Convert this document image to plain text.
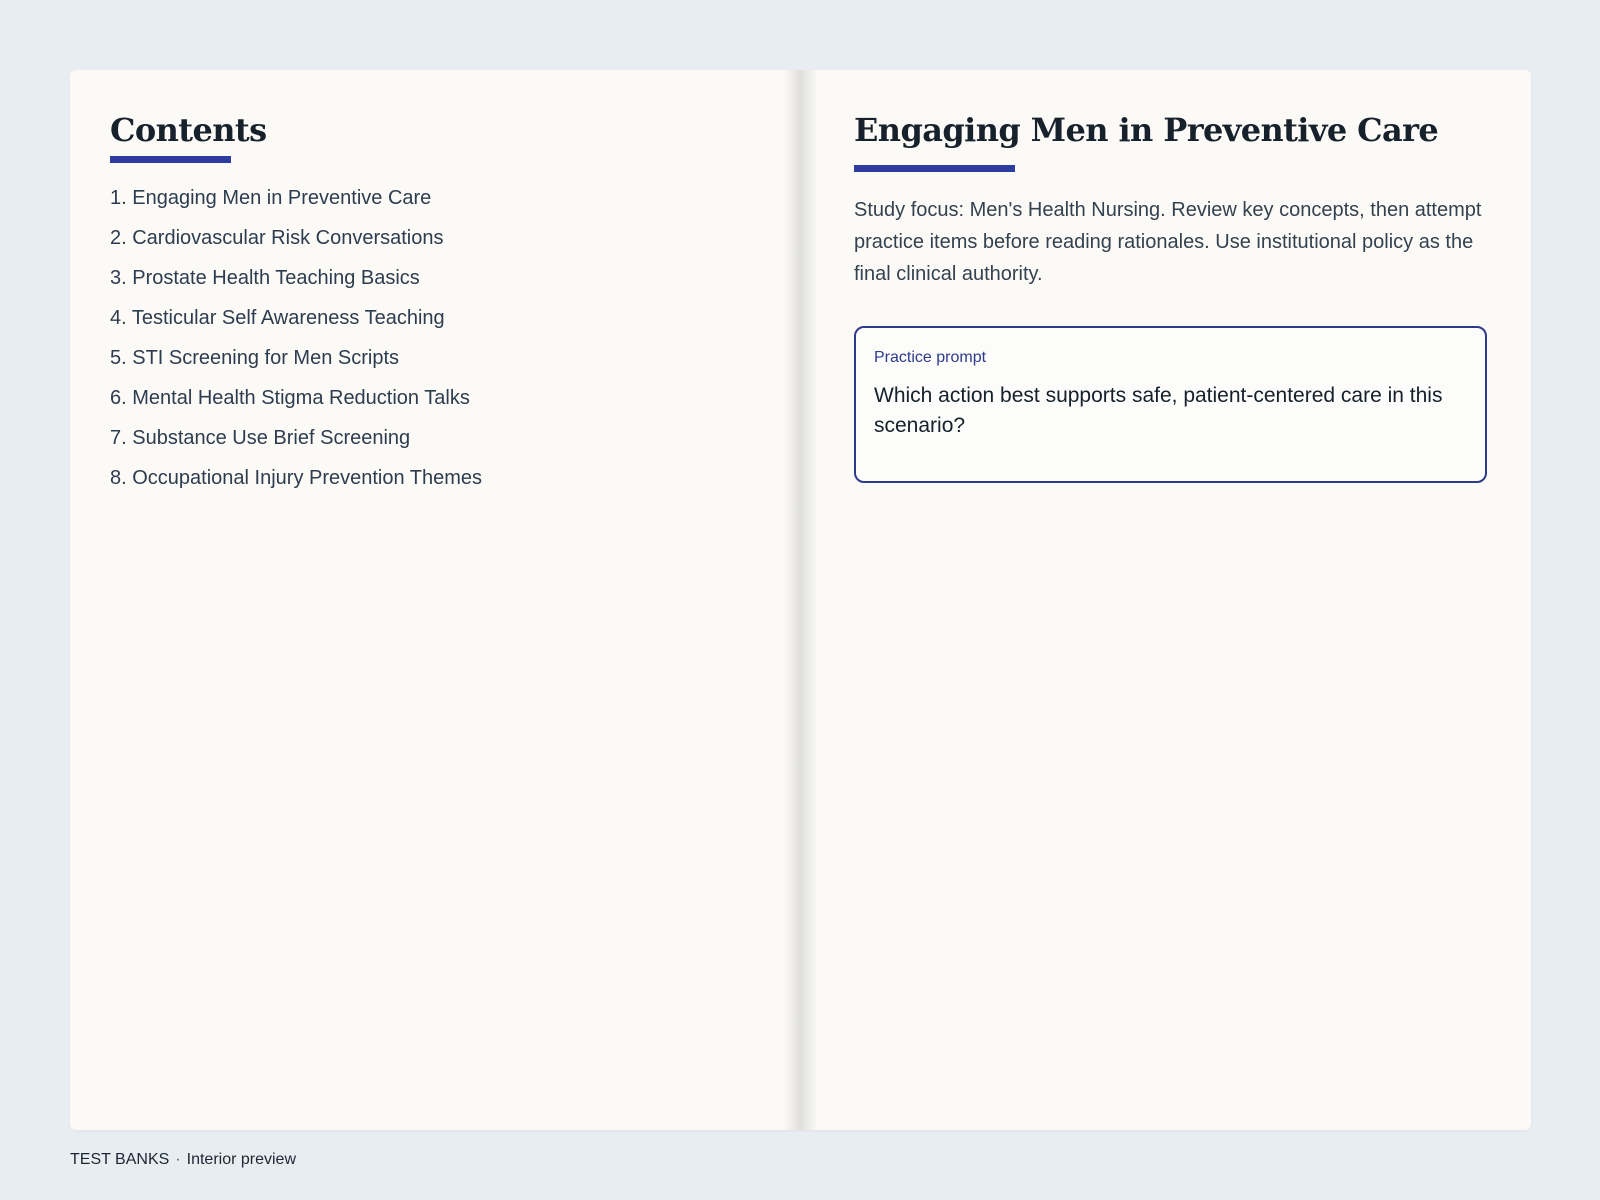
Contents
1. Engaging Men in Preventive Care
2. Cardiovascular Risk Conversations
3. Prostate Health Teaching Basics
4. Testicular Self Awareness Teaching
5. STI Screening for Men Scripts
6. Mental Health Stigma Reduction Talks
7. Substance Use Brief Screening
8. Occupational Injury Prevention Themes
Engaging Men in Preventive Care

Study focus: Men's Health Nursing. Review key concepts, then attempt practice items before reading rationales. Use institutional policy as the final clinical authority.

Practice prompt
Which action best supports safe, patient-centered care in this scenario?
TEST BANKS · Interior preview
